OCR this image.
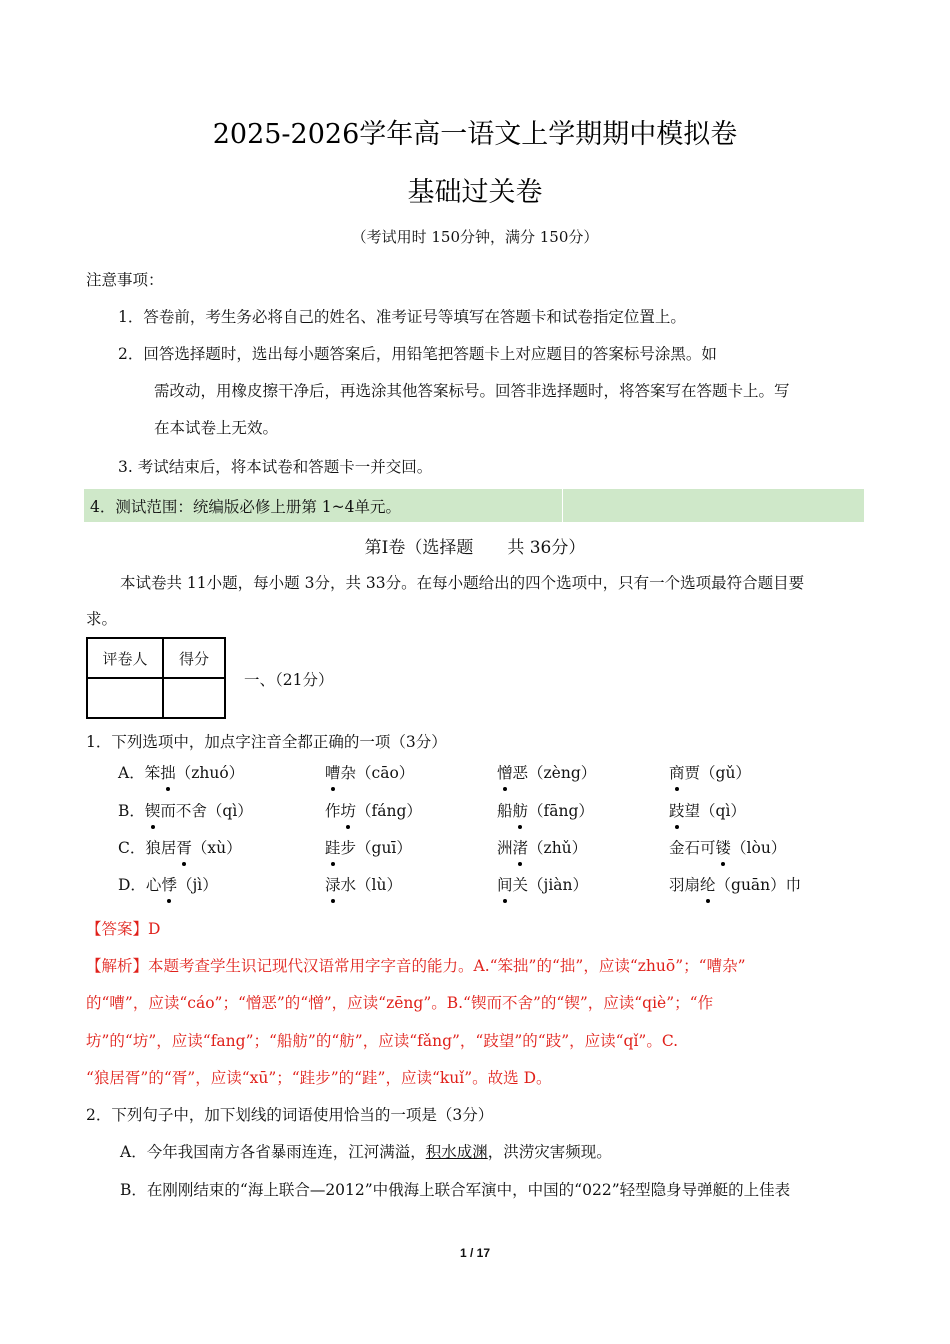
2025-2026学年高一语文上学期期中模拟卷
基础过关卷
（考试用时 150分钟，满分 150分）
注意事项：
1．答卷前，考生务必将自己的姓名、准考证号等填写在答题卡和试卷指定位置上。
2．回答选择题时，选出每小题答案后，用铅笔把答题卡上对应题目的答案标号涂黑。如
需改动，用橡皮擦干净后，再选涂其他答案标号。回答非选择题时，将答案写在答题卡上。写
在本试卷上无效。
3. 考试结束后，将本试卷和答题卡一并交回。
4．测试范围：统编版必修上册第 1~4单元。
第Ⅰ卷（选择题　　共 36分）
本试卷共 11小题，每小题 3分，共 33分。在每小题给出的四个选项中，只有一个选项最符合题目要
求。
评卷人	得分

一、（21分）
1．下列选项中，加点字注音全都正确的一项（3分）
A．笨拙（zhuó）	嘈杂（cāo）	憎恶（zèng）	商贾（gǔ）
B．锲而不舍（qì）	作坊（fáng）	船舫（fāng）	跂望（qì）
C．狼居胥（xù）	跬步（guī）	洲渚（zhǔ）	金石可镂（lòu）
D．心悸（jì）	渌水（lù）	间关（jiàn）	羽扇纶（guān）巾
【答案】D
【解析】本题考查学生识记现代汉语常用字字音的能力。A.“笨拙”的“拙”，应读“zhuō”；“嘈杂”
的“嘈”，应读“cáo”；“憎恶”的“憎”，应读“zēng”。B.“锲而不舍”的“锲”，应读“qiè”；“作
坊”的“坊”，应读“fang”；“船舫”的“舫”，应读“fǎng”，“跂望”的“跂”，应读“qǐ”。C.
“狼居胥”的“胥”，应读“xū”；“跬步”的“跬”，应读“kuǐ”。故选 D。
2．下列句子中，加下划线的词语使用恰当的一项是（3分）
A．今年我国南方各省暴雨连连，江河满溢，积水成渊，洪涝灾害频现。
B．在刚刚结束的“海上联合—2012”中俄海上联合军演中，中国的“022”轻型隐身导弹艇的上佳表
1 / 17
